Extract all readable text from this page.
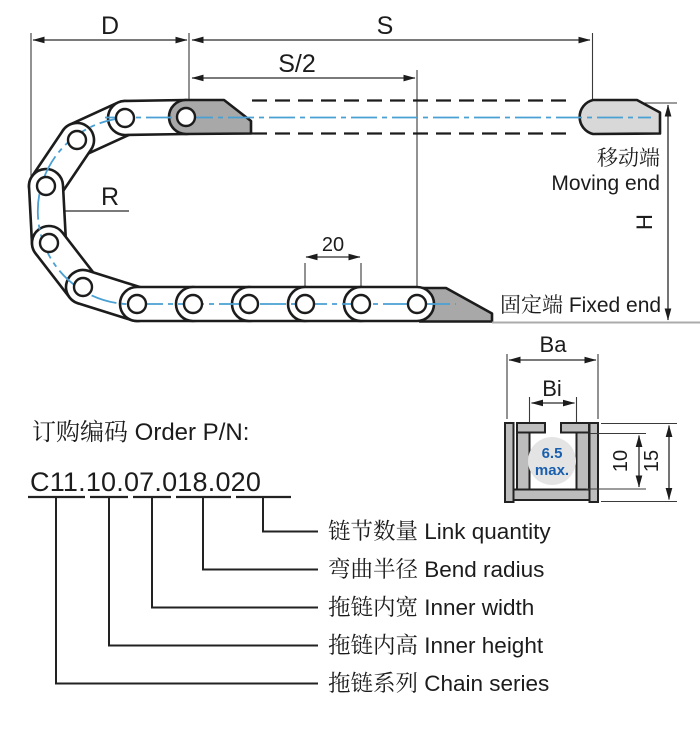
D	S
S/2
R
20
H
移动端
Moving end
固定端 Fixed end
Ba
Bi
6.5
max. 10 15
订购编码 Order P/N:
C11.10.07.018.020
链节数量 Link quantity
弯曲半径 Bend radius
拖链内宽 Inner width
拖链内高 Inner height
拖链系列 Chain series
